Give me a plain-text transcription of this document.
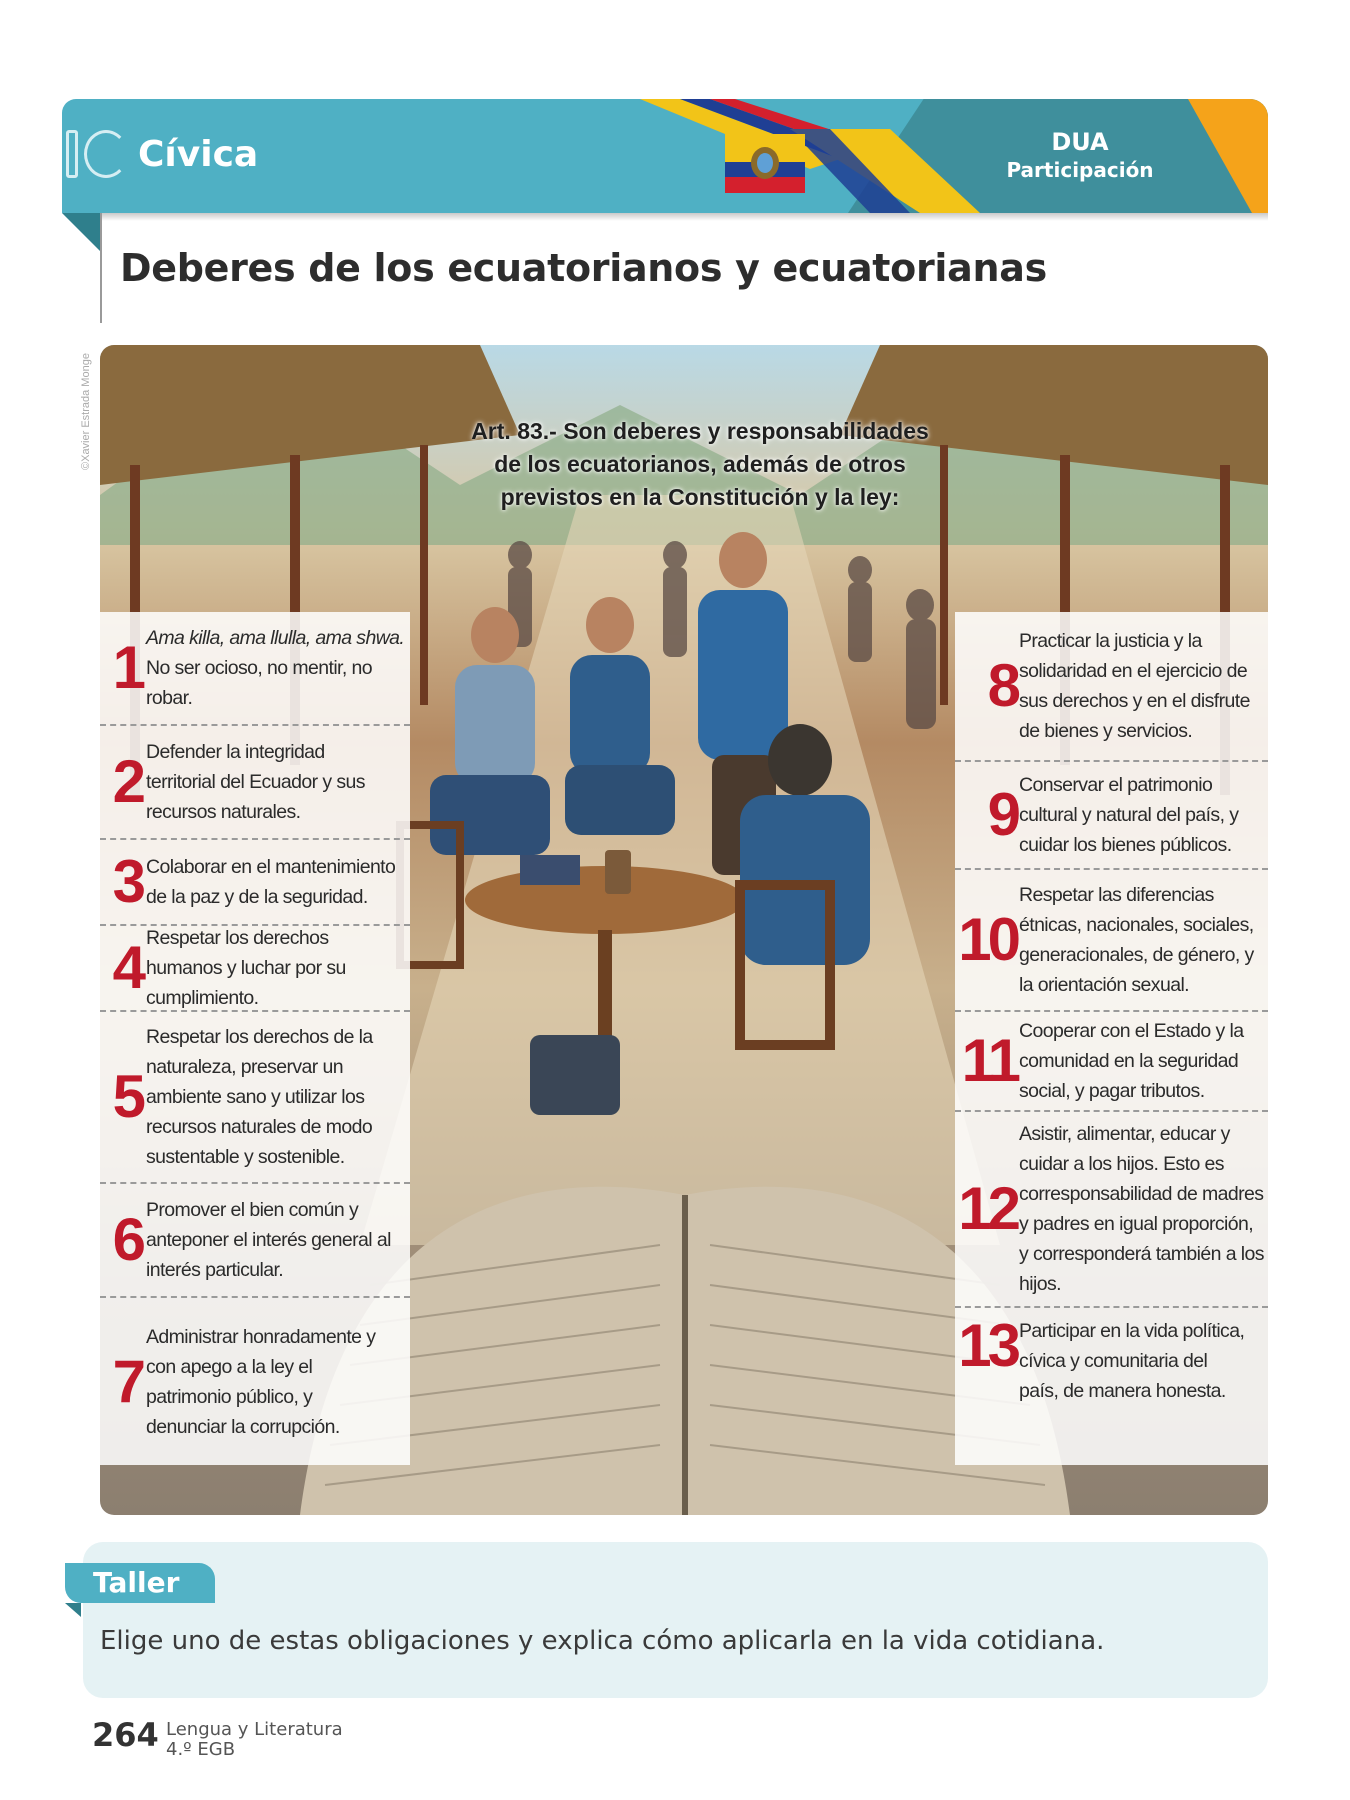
Cívica	DUA
Participación
Deberes de los ecuatorianos y ecuatorianas
©Xavier Estrada Monge	Art. 83.- Son deberes y responsabilidades
de los ecuatorianos, además de otros
previstos en la Constitución y la ley:
1 Ama killa, ama llulla, ama shwa. No ser ocioso, no mentir, no robar.
2 Defender la integridad territorial del Ecuador y sus recursos naturales.
3 Colaborar en el mantenimiento de la paz y de la seguridad.
4 Respetar los derechos humanos y luchar por su cumplimiento.
5
Respetar los derechos de la naturaleza, preservar un ambiente sano y utilizar los recursos naturales de modo sustentable y sostenible.
6 Promover el bien común y anteponer el interés general al interés particular.
7
Administrar honradamente y con apego a la ley el patrimonio público, y denunciar la corrupción.
8
Practicar la justicia y la solidaridad en el ejercicio de sus derechos y en el disfrute de bienes y servicios.
9 Conservar el patrimonio cultural y natural del país, y cuidar los bienes públicos.
10
Respetar las diferencias étnicas, nacionales, sociales, generacionales, de género, y la orientación sexual.
11 Cooperar con el Estado y la comunidad en la seguridad social, y pagar tributos.
12
Asistir, alimentar, educar y cuidar a los hijos. Esto es corresponsabilidad de madres y padres en igual proporción, y corresponderá también a los hijos.
13 Participar en la vida política, cívica y comunitaria del país, de manera honesta.
Taller
Elige uno de estas obligaciones y explica cómo aplicarla en la vida cotidiana.
264 Lengua y Literatura
4.º EGB
